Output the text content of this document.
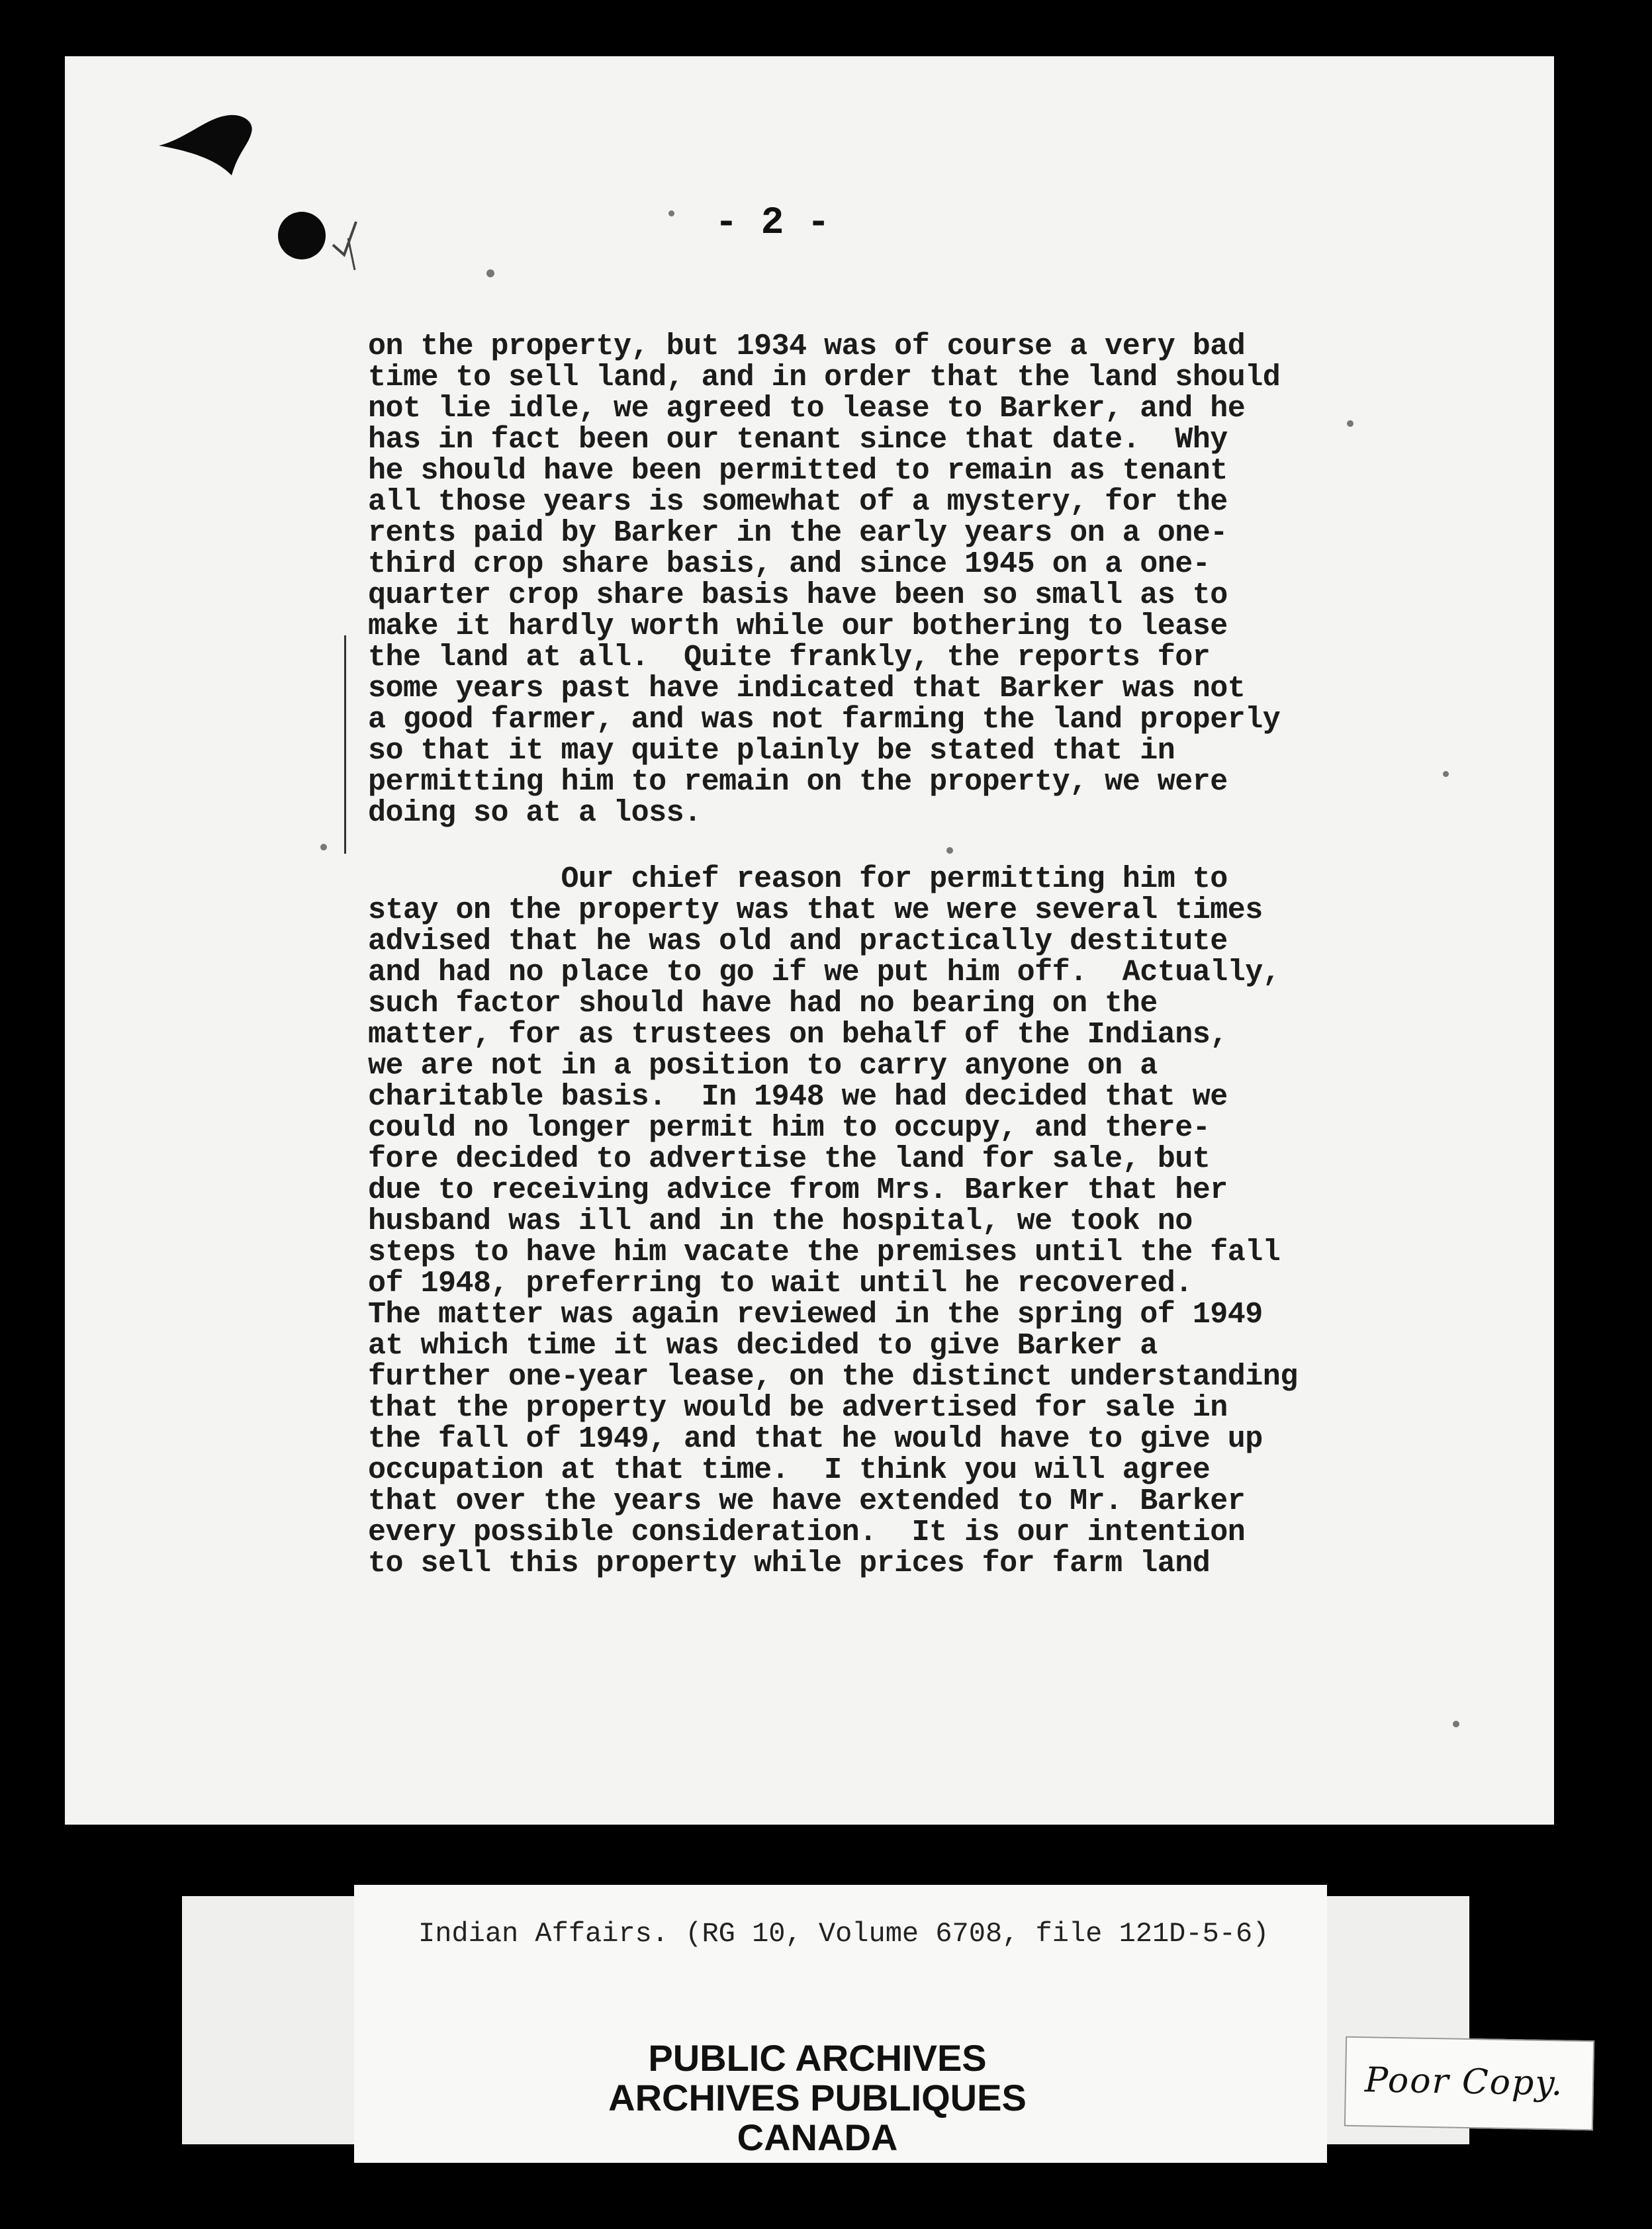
- 2 -
on the property, but 1934 was of course a very bad
time to sell land, and in order that the land should
not lie idle, we agreed to lease to Barker, and he
has in fact been our tenant since that date.  Why
he should have been permitted to remain as tenant
all those years is somewhat of a mystery, for the
rents paid by Barker in the early years on a one-
third crop share basis, and since 1945 on a one-
quarter crop share basis have been so small as to
make it hardly worth while our bothering to lease
the land at all.  Quite frankly, the reports for
some years past have indicated that Barker was not
a good farmer, and was not farming the land properly
so that it may quite plainly be stated that in
permitting him to remain on the property, we were
doing so at a loss.
Our chief reason for permitting him to
stay on the property was that we were several times
advised that he was old and practically destitute
and had no place to go if we put him off.  Actually,
such factor should have had no bearing on the
matter, for as trustees on behalf of the Indians,
we are not in a position to carry anyone on a
charitable basis.  In 1948 we had decided that we
could no longer permit him to occupy, and there-
fore decided to advertise the land for sale, but
due to receiving advice from Mrs. Barker that her
husband was ill and in the hospital, we took no
steps to have him vacate the premises until the fall
of 1948, preferring to wait until he recovered.
The matter was again reviewed in the spring of 1949
at which time it was decided to give Barker a
further one-year lease, on the distinct understanding
that the property would be advertised for sale in
the fall of 1949, and that he would have to give up
occupation at that time.  I think you will agree
that over the years we have extended to Mr. Barker
every possible consideration.  It is our intention
to sell this property while prices for farm land
Indian Affairs. (RG 10, Volume 6708, file 121D-5-6)
PUBLIC ARCHIVES
ARCHIVES PUBLIQUES
CANADA
Poor Copy.
